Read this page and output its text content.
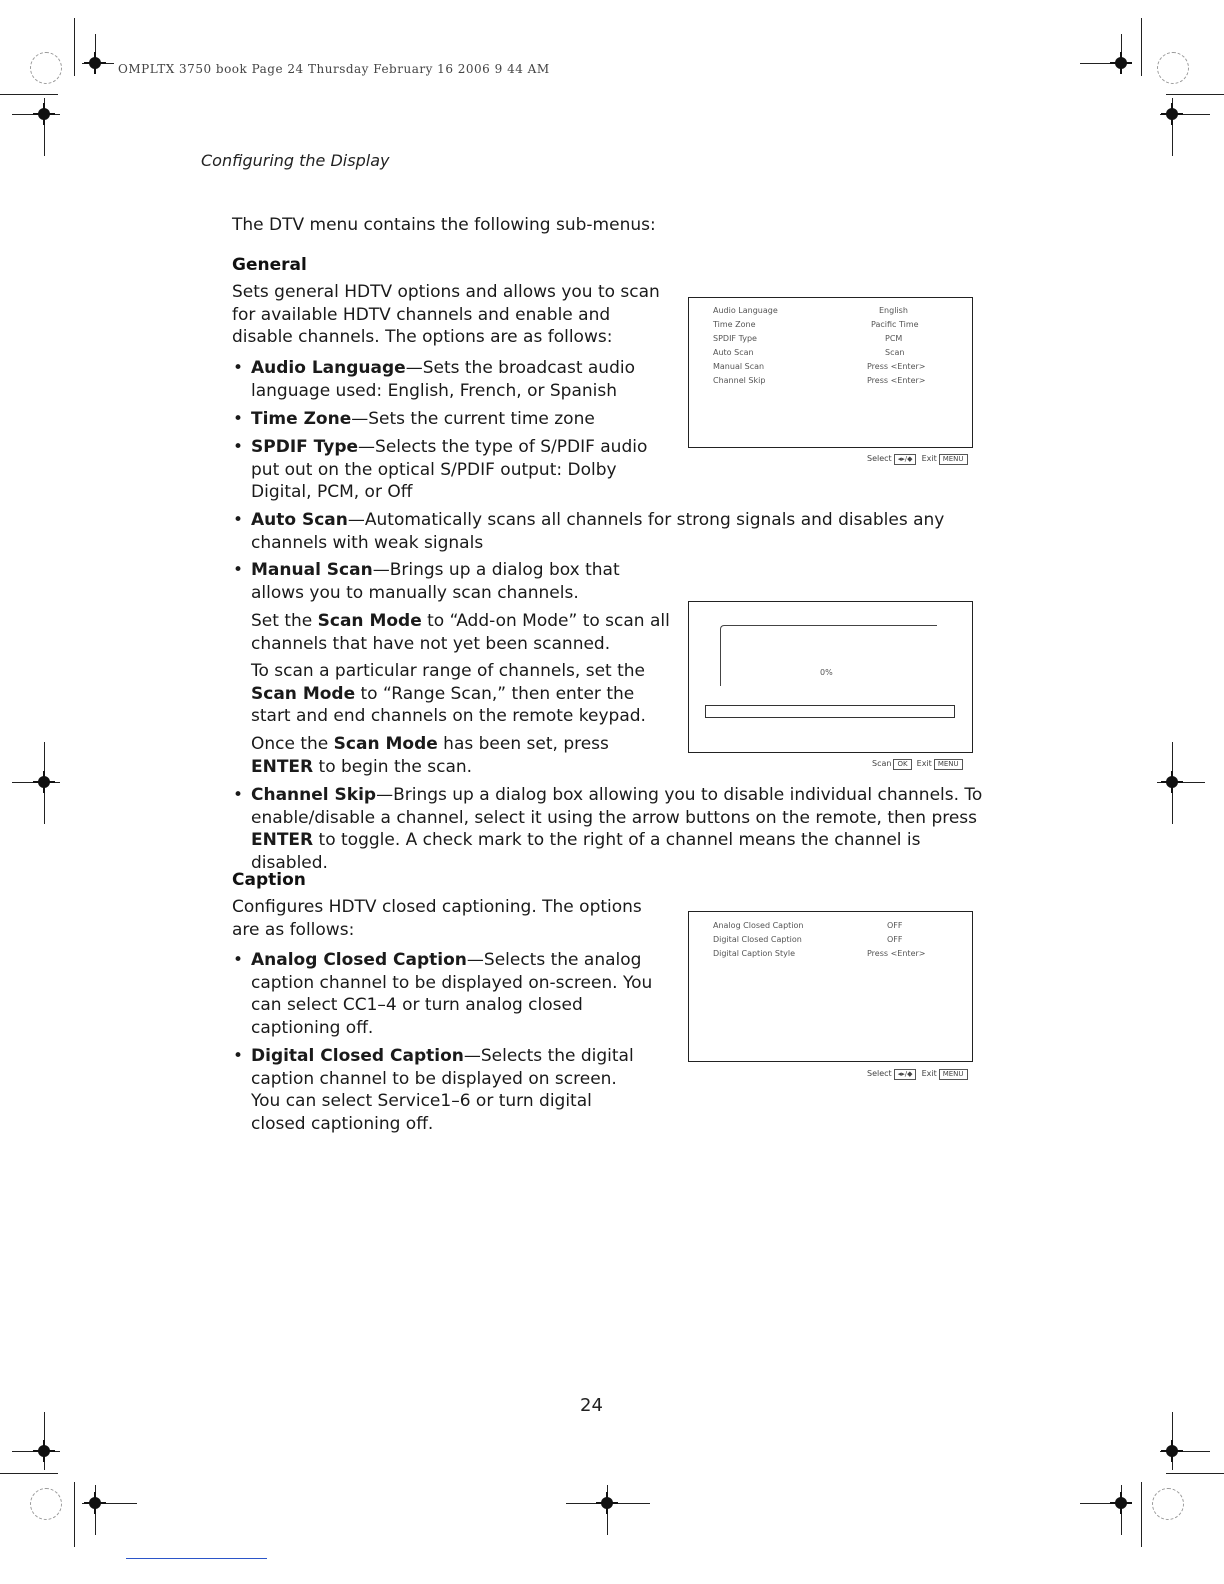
OMPLTX 3750 book Page 24 Thursday February 16 2006 9 44 AM
Configuring the Display
The DTV menu contains the following sub-menus:
General
Sets general HDTV options and allows you to scan for available HDTV channels and enable and disable channels. The options are as follows:
• Audio Language—Sets the broadcast audio language used: English, French, or Spanish
• Time Zone—Sets the current time zone
• SPDIF Type—Selects the type of S/PDIF audio put out on the optical S/PDIF output: Dolby Digital, PCM, or Off
• Auto Scan—Automatically scans all channels for strong signals and disables any channels with weak signals
• Manual Scan—Brings up a dialog box that allows you to manually scan channels.
Set the Scan Mode to “Add-on Mode” to scan all channels that have not yet been scanned.
To scan a particular range of channels, set the Scan Mode to “Range Scan,” then enter the start and end channels on the remote keypad.
Once the Scan Mode has been set, press ENTER to begin the scan.
• Channel Skip—Brings up a dialog box allowing you to disable individual channels. To enable/disable a channel, select it using the arrow buttons on the remote, then press ENTER to toggle. A check mark to the right of a channel means the channel is disabled.
Audio Language	English
Time Zone	Pacific Time
SPDIF Type	PCM
Auto Scan	Scan
Manual Scan	Press <Enter>
Channel Skip	Press <Enter>
Select ◂▸/◆ Exit MENU
0%
Scan OK Exit MENU
Caption
Configures HDTV closed captioning. The options are as follows:
• Analog Closed Caption—Selects the analog caption channel to be displayed on-screen. You can select CC1–4 or turn analog closed captioning off.
• Digital Closed Caption—Selects the digital caption channel to be displayed on screen. You can select Service1–6 or turn digital closed captioning off.
Analog Closed Caption	OFF
Digital Closed Caption	OFF
Digital Caption Style	Press <Enter>
Select ◂▸/◆ Exit MENU
24
